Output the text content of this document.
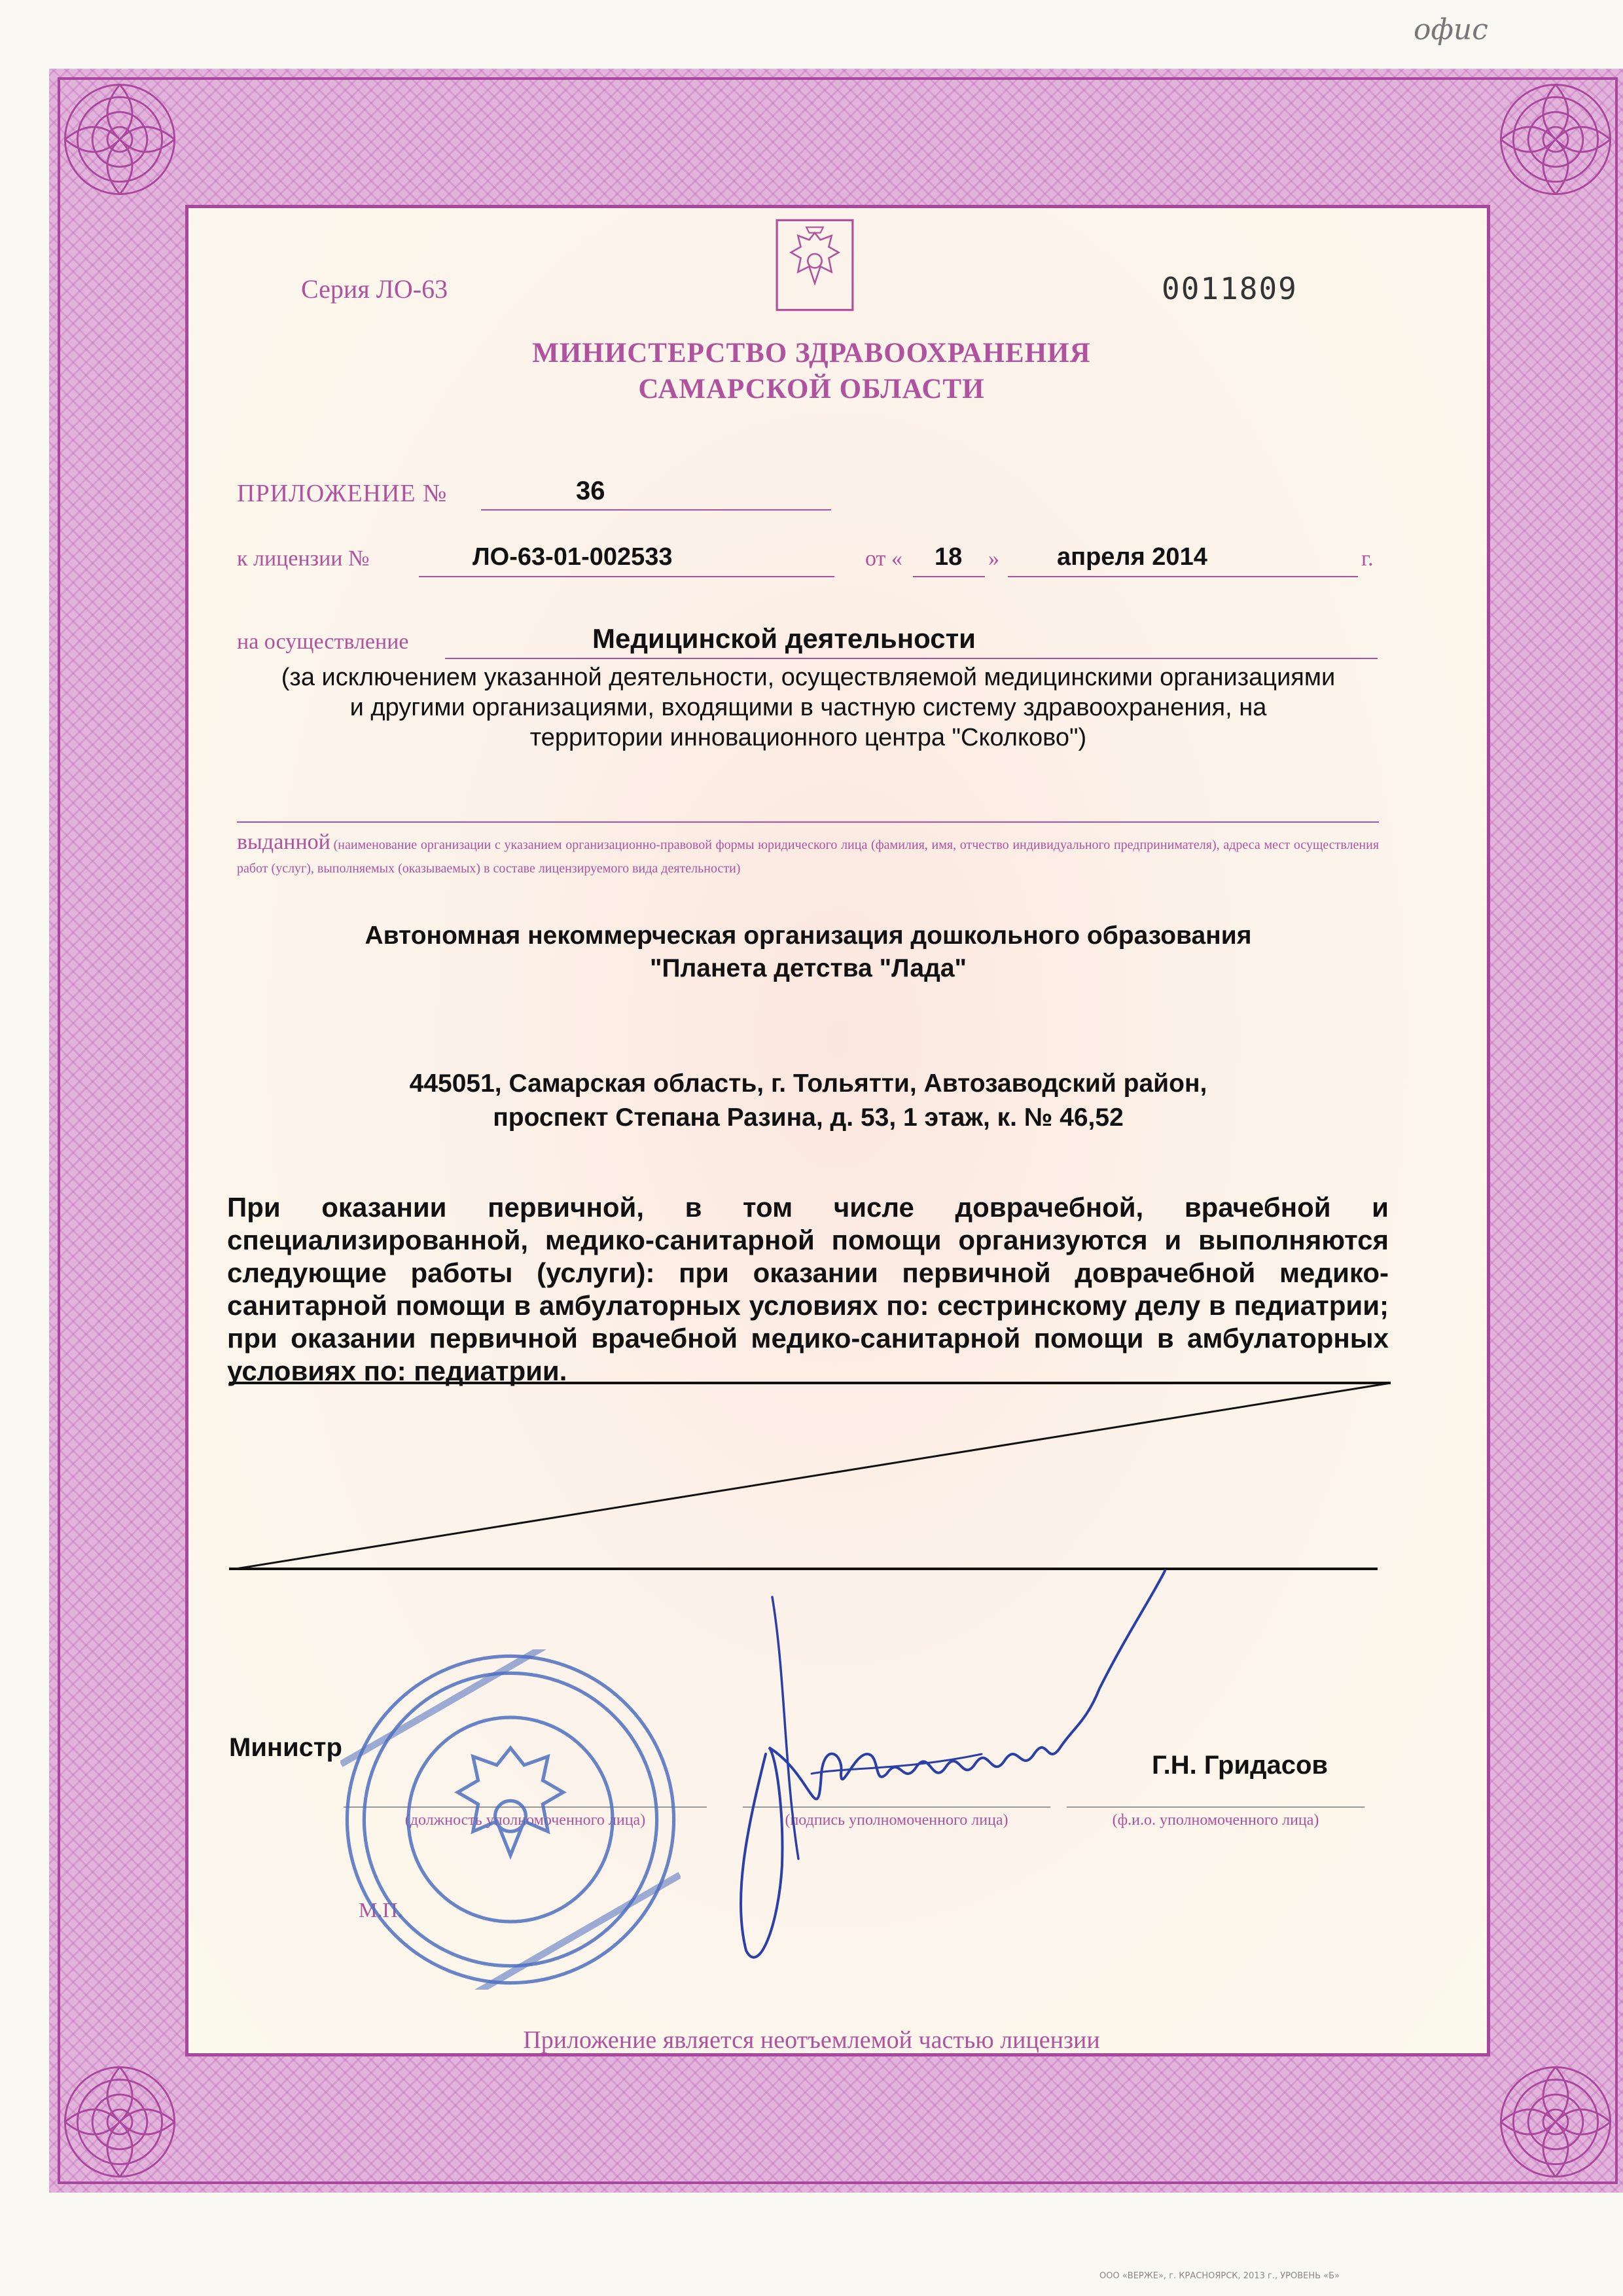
офис
Серия ЛО-63	0011809
МИНИСТЕРСТВО ЗДРАВООХРАНЕНИЯ
САМАРСКОЙ ОБЛАСТИ
ПРИЛОЖЕНИЕ №	36
к лицензии №	ЛО-63-01-002533	от « 18 » апреля 2014	г.
на осуществление	Медицинской деятельности
(за исключением указанной деятельности, осуществляемой медицинскими организациями
и другими организациями, входящими в частную систему здравоохранения, на
территории инновационного центра "Сколково")
выданной (наименование организации с указанием организационно-правовой формы юридического лица (фамилия, имя, отчество индивидуального предпринимателя), адреса мест осуществления работ (услуг), выполняемых (оказываемых) в составе лицензируемого вида деятельности)
Автономная некоммерческая организация дошкольного образования
"Планета детства "Лада"
445051, Самарская область, г. Тольятти, Автозаводский район,
проспект Степана Разина, д. 53, 1 этаж, к. № 46,52
При оказании первичной, в том числе доврачебной, врачебной и специализированной, медико-санитарной помощи организуются и выполняются следующие работы (услуги): при оказании первичной доврачебной медико-санитарной помощи в амбулаторных условиях по: сестринскому делу в педиатрии; при оказании первичной врачебной медико-санитарной помощи в амбулаторных условиях по: педиатрии.
Министр
Г.Н. Гридасов
(должность уполномоченного лица)	(подпись уполномоченного лица)	(ф.и.о. уполномоченного лица)
М.П.
Приложение является неотъемлемой частью лицензии
ООО «ВЕРЖЕ», г. КРАСНОЯРСК, 2013 г., УРОВЕНЬ «Б»
